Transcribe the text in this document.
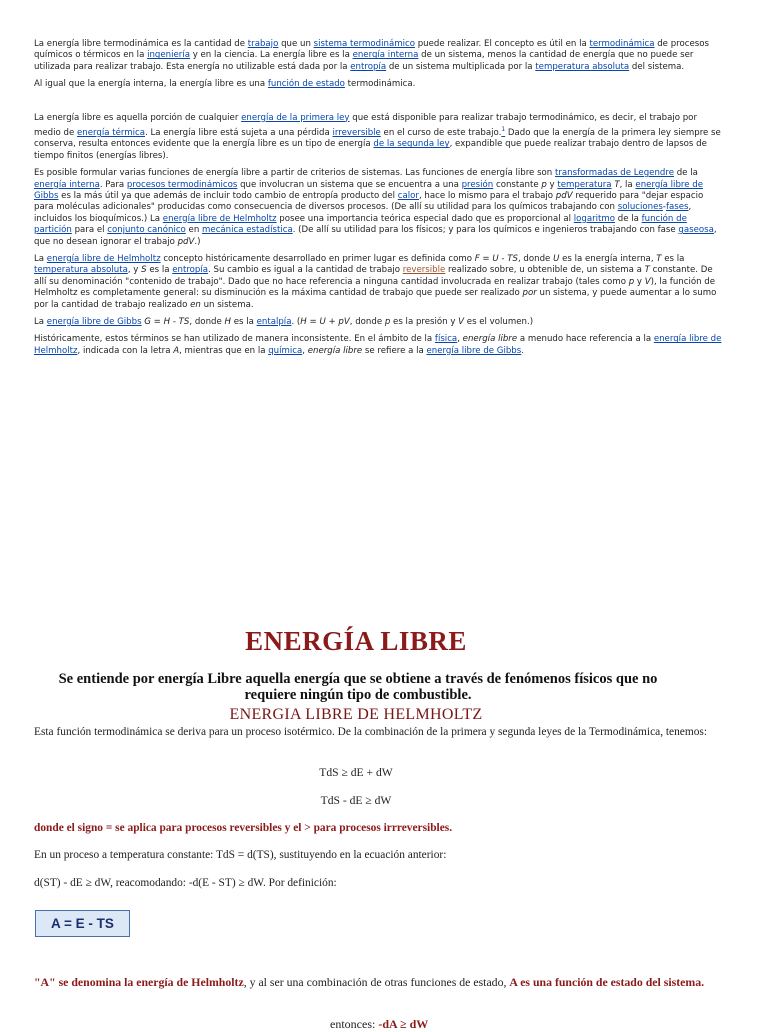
La energía libre termodinámica es la cantidad de trabajo que un sistema termodinámico puede realizar. El concepto es útil en la termodinámica de procesos químicos o térmicos en la ingeniería y en la ciencia. La energía libre es la energía interna de un sistema, menos la cantidad de energía que no puede ser utilizada para realizar trabajo. Esta energía no utilizable está dada por la entropía de un sistema multiplicada por la temperatura absoluta del sistema.

Al igual que la energía interna, la energía libre es una función de estado termodinámica.

La energía libre es aquella porción de cualquier energía de la primera ley que está disponible para realizar trabajo termodinámico, es decir, el trabajo por medio de energía térmica. La energía libre está sujeta a una pérdida irreversible en el curso de este trabajo.$^1$ Dado que la energía de la primera ley siempre se conserva, resulta entonces evidente que la energía libre es un tipo de energía de la segunda ley, expandible que puede realizar trabajo dentro de lapsos de tiempo finitos (energías libres).

Es posible formular varias funciones de energía libre a partir de criterios de sistemas. Las funciones de energía libre son transformadas de Legendre de la energía interna. Para procesos termodinámicos que involucran un sistema que se encuentra a una presión constante p y temperatura T, la energía libre de Gibbs es la más útil ya que además de incluir todo cambio de entropía producto del calor, hace lo mismo para el trabajo pdV requerido para "dejar espacio para moléculas adicionales" producidas como consecuencia de diversos procesos. (De allí su utilidad para los químicos trabajando con soluciones-fases, incluidos los bioquímicos.) La energía libre de Helmholtz posee una importancia teórica especial dado que es proporcional al logaritmo de la función de partición para el conjunto canónico en mecánica estadística. (De allí su utilidad para los físicos; y para los químicos e ingenieros trabajando con fase gaseosa, que no desean ignorar el trabajo pdV.)

La energía libre de Helmholtz concepto históricamente desarrollado en primer lugar es definida como F = U - TS, donde U es la energía interna, T es la temperatura absoluta, y S es la entropía. Su cambio es igual a la cantidad de trabajo reversible realizado sobre, u obtenible de, un sistema a T constante. De allí su denominación "contenido de trabajo". Dado que no hace referencia a ninguna cantidad involucrada en realizar trabajo (tales como p y V), la función de Helmholtz es completamente general: su disminución es la máxima cantidad de trabajo que puede ser realizado por un sistema, y puede aumentar a lo sumo por la cantidad de trabajo realizado en un sistema.

La energía libre de Gibbs G = H - TS, donde H es la entalpía. (H = U + pV, donde p es la presión y V es el volumen.)

Históricamente, estos términos se han utilizado de manera inconsistente. En el ámbito de la física, energía libre a menudo hace referencia a la energía libre de Helmholtz, indicada con la letra A, mientras que en la química, energía libre se refiere a la energía libre de Gibbs.

ENERGÍA LIBRE
Se entiende por energía Libre aquella energía que se obtiene a través de fenómenos físicos que no requiere ningún tipo de combustible.
ENERGIA LIBRE DE HELMHOLTZ
Esta función termodinámica se deriva para un proceso isotérmico. De la combinación de la primera y segunda leyes de la Termodinámica, tenemos:
TdS ≥ dE + dW
TdS - dE ≥ dW
donde el signo = se aplica para procesos reversibles y el > para procesos irrreversibles.
En un proceso a temperatura constante: TdS = d(TS), sustituyendo en la ecuación anterior:
d(ST) - dE ≥ dW, reacomodando: -d(E - ST) ≥ dW. Por definición:
A = E - TS
"A" se denomina la energía de Helmholtz, y al ser una combinación de otras funciones de estado, A es una función de estado del sistema.
entonces: -dA ≥ dW
